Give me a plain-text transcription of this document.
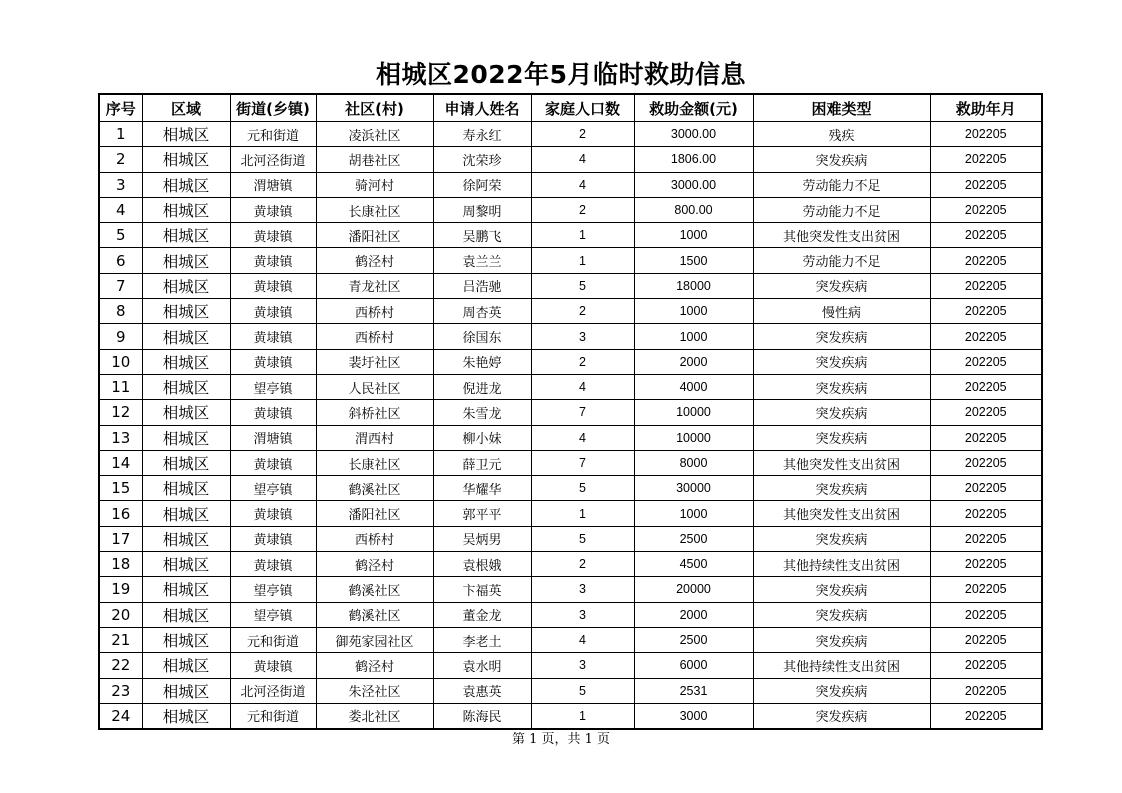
相城区2022年5月临时救助信息
序号	区域	街道(乡镇)	社区(村)	申请人姓名	家庭人口数	救助金额(元)	困难类型	救助年月
1	相城区	元和街道	凌浜社区	寿永红	2	3000.00	残疾	202205
2	相城区	北河泾街道	胡巷社区	沈荣珍	4	1806.00	突发疾病	202205
3	相城区	渭塘镇	骑河村	徐阿荣	4	3000.00	劳动能力不足	202205
4	相城区	黄埭镇	长康社区	周黎明	2	800.00	劳动能力不足	202205
5	相城区	黄埭镇	潘阳社区	吴鹏飞	1	1000	其他突发性支出贫困	202205
6	相城区	黄埭镇	鹤泾村	袁兰兰	1	1500	劳动能力不足	202205
7	相城区	黄埭镇	青龙社区	吕浩驰	5	18000	突发疾病	202205
8	相城区	黄埭镇	西桥村	周杏英	2	1000	慢性病	202205
9	相城区	黄埭镇	西桥村	徐国东	3	1000	突发疾病	202205
10	相城区	黄埭镇	裴圩社区	朱艳婷	2	2000	突发疾病	202205
11	相城区	望亭镇	人民社区	倪进龙	4	4000	突发疾病	202205
12	相城区	黄埭镇	斜桥社区	朱雪龙	7	10000	突发疾病	202205
13	相城区	渭塘镇	渭西村	柳小妹	4	10000	突发疾病	202205
14	相城区	黄埭镇	长康社区	薛卫元	7	8000	其他突发性支出贫困	202205
15	相城区	望亭镇	鹤溪社区	华耀华	5	30000	突发疾病	202205
16	相城区	黄埭镇	潘阳社区	郭平平	1	1000	其他突发性支出贫困	202205
17	相城区	黄埭镇	西桥村	吴炳男	5	2500	突发疾病	202205
18	相城区	黄埭镇	鹤泾村	袁根娥	2	4500	其他持续性支出贫困	202205
19	相城区	望亭镇	鹤溪社区	卞福英	3	20000	突发疾病	202205
20	相城区	望亭镇	鹤溪社区	董金龙	3	2000	突发疾病	202205
21	相城区	元和街道	御苑家园社区	李老土	4	2500	突发疾病	202205
22	相城区	黄埭镇	鹤泾村	袁水明	3	6000	其他持续性支出贫困	202205
23	相城区	北河泾街道	朱泾社区	袁惠英	5	2531	突发疾病	202205
24	相城区	元和街道	娄北社区	陈海民	1	3000	突发疾病	202205
第 1 页，共 1 页
